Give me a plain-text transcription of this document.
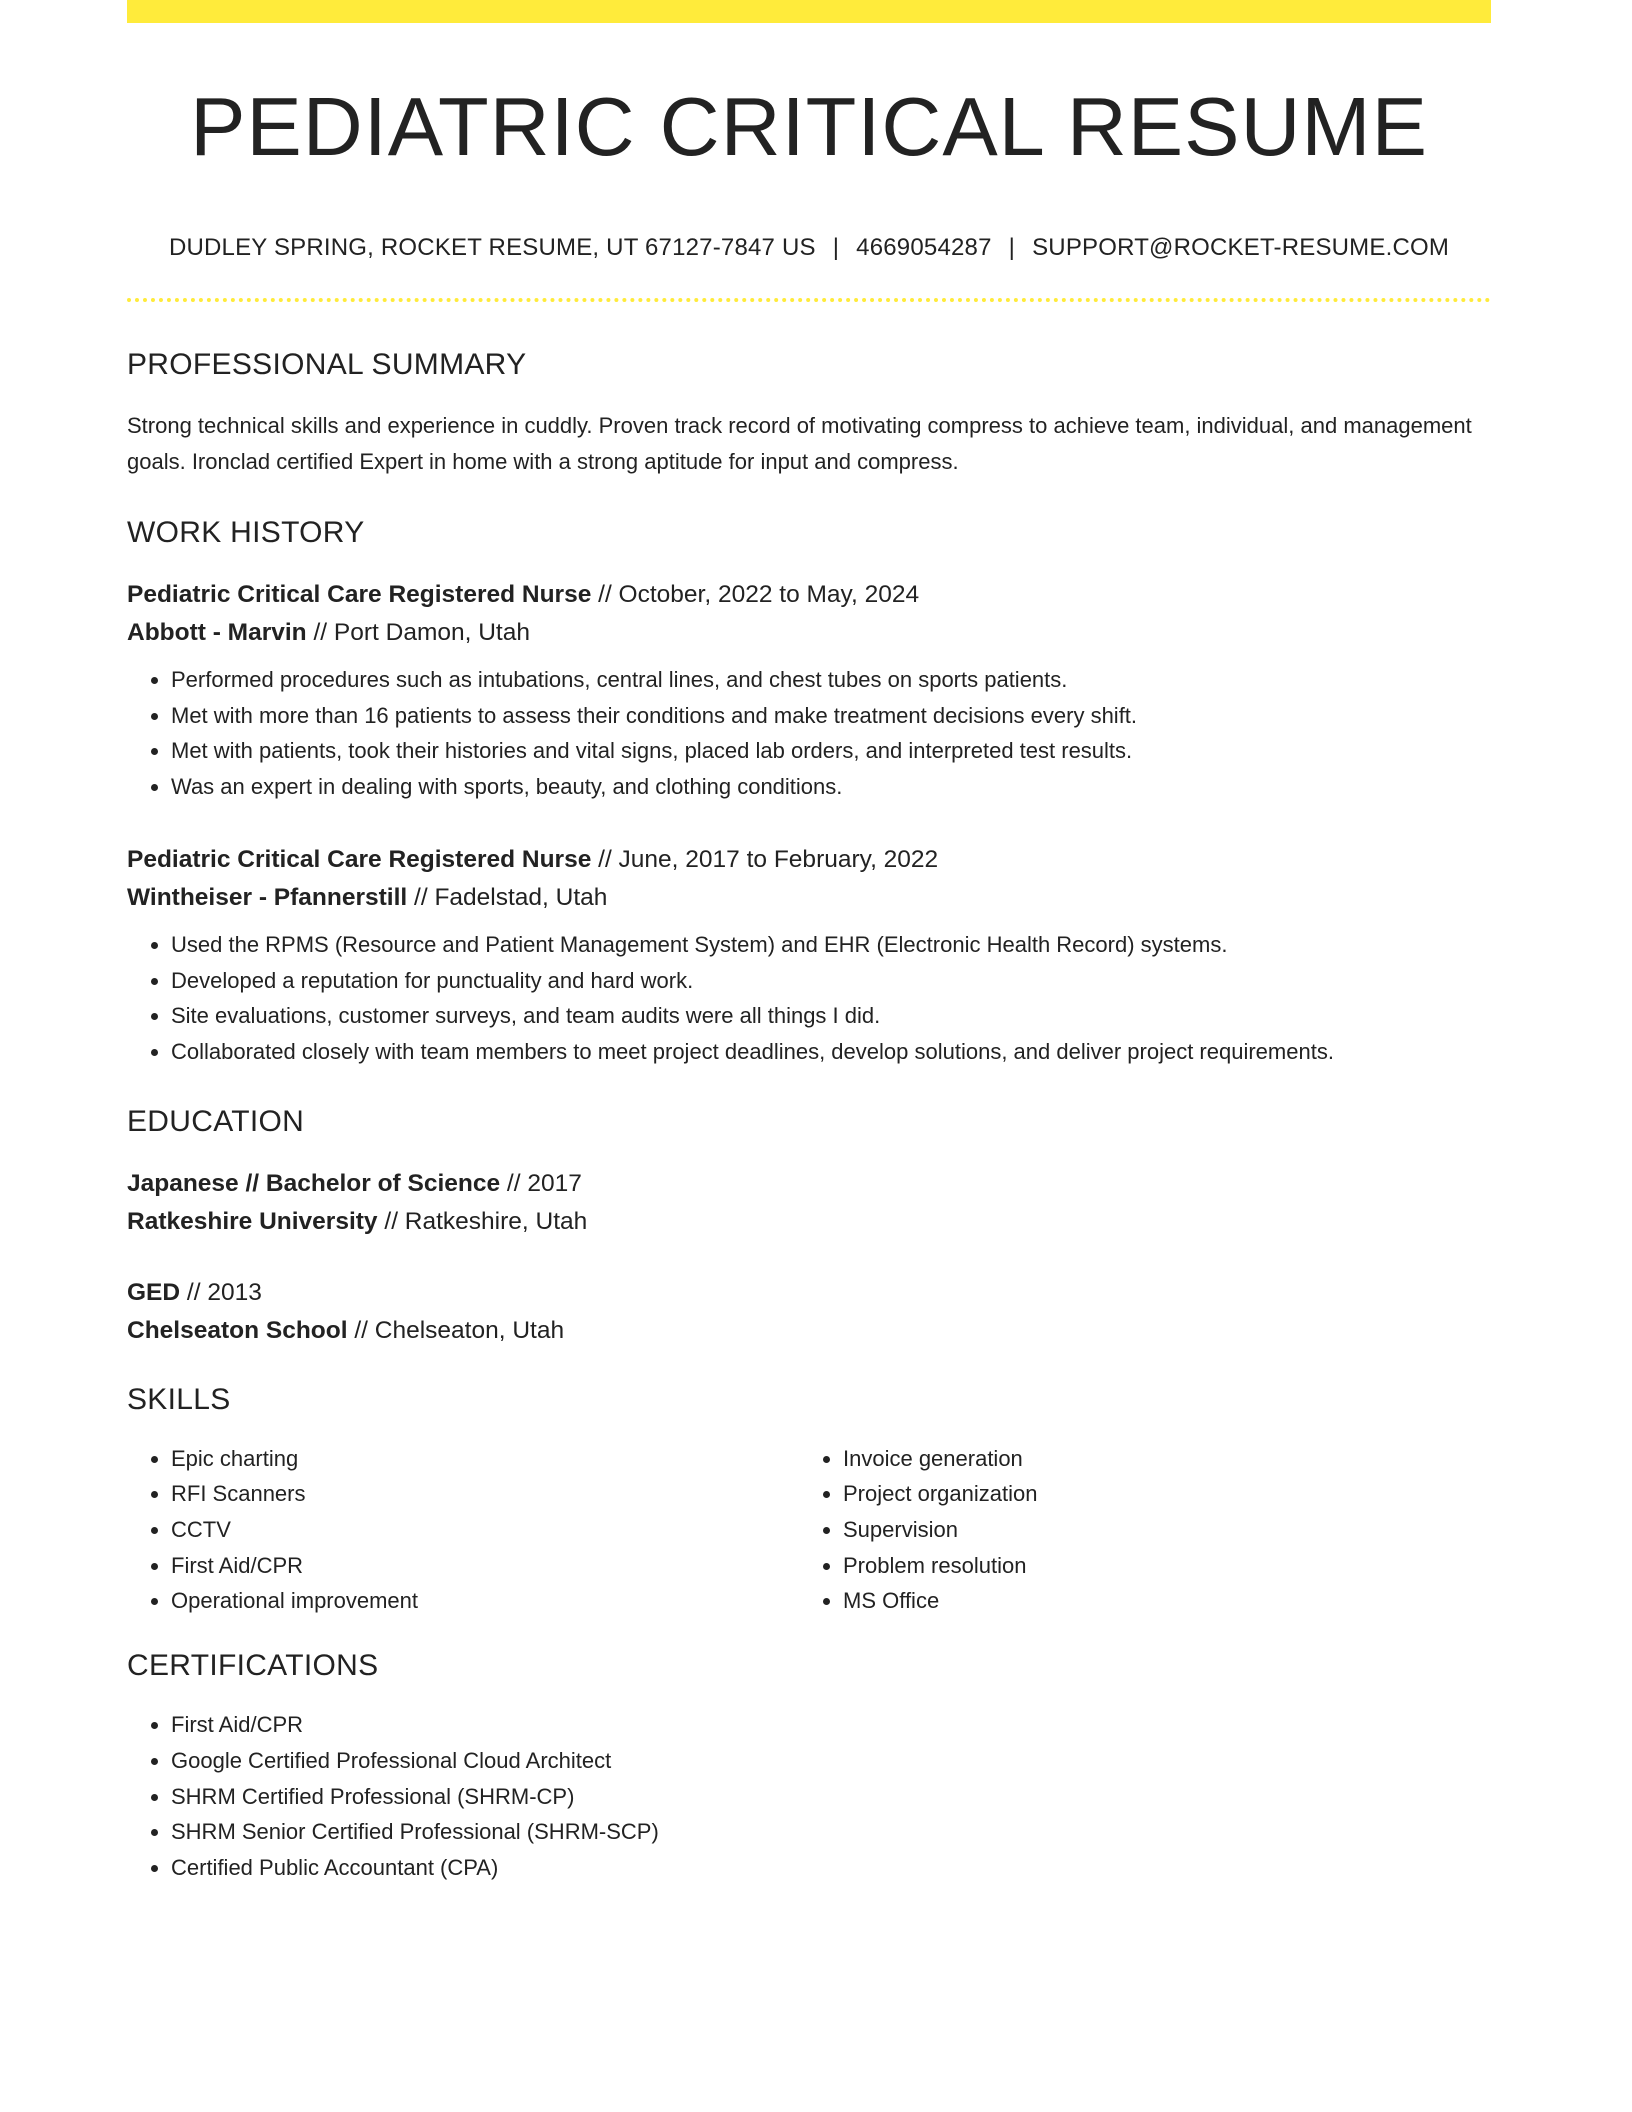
PEDIATRIC CRITICAL RESUME
DUDLEY SPRING, ROCKET RESUME, UT 67127-7847 US | 4669054287 | SUPPORT@ROCKET-RESUME.COM
PROFESSIONAL SUMMARY
Strong technical skills and experience in cuddly. Proven track record of motivating compress to achieve team, individual, and management goals. Ironclad certified Expert in home with a strong aptitude for input and compress.
WORK HISTORY
Pediatric Critical Care Registered Nurse // October, 2022 to May, 2024
Abbott - Marvin // Port Damon, Utah
• Performed procedures such as intubations, central lines, and chest tubes on sports patients.
• Met with more than 16 patients to assess their conditions and make treatment decisions every shift.
• Met with patients, took their histories and vital signs, placed lab orders, and interpreted test results.
• Was an expert in dealing with sports, beauty, and clothing conditions.
Pediatric Critical Care Registered Nurse // June, 2017 to February, 2022
Wintheiser - Pfannerstill // Fadelstad, Utah
• Used the RPMS (Resource and Patient Management System) and EHR (Electronic Health Record) systems.
• Developed a reputation for punctuality and hard work.
• Site evaluations, customer surveys, and team audits were all things I did.
• Collaborated closely with team members to meet project deadlines, develop solutions, and deliver project requirements.
EDUCATION
Japanese // Bachelor of Science // 2017
Ratkeshire University // Ratkeshire, Utah
GED // 2013
Chelseaton School // Chelseaton, Utah
SKILLS
• Epic charting
• RFI Scanners
• CCTV
• First Aid/CPR
• Operational improvement
• Invoice generation
• Project organization
• Supervision
• Problem resolution
• MS Office
CERTIFICATIONS
• First Aid/CPR
• Google Certified Professional Cloud Architect
• SHRM Certified Professional (SHRM-CP)
• SHRM Senior Certified Professional (SHRM-SCP)
• Certified Public Accountant (CPA)
